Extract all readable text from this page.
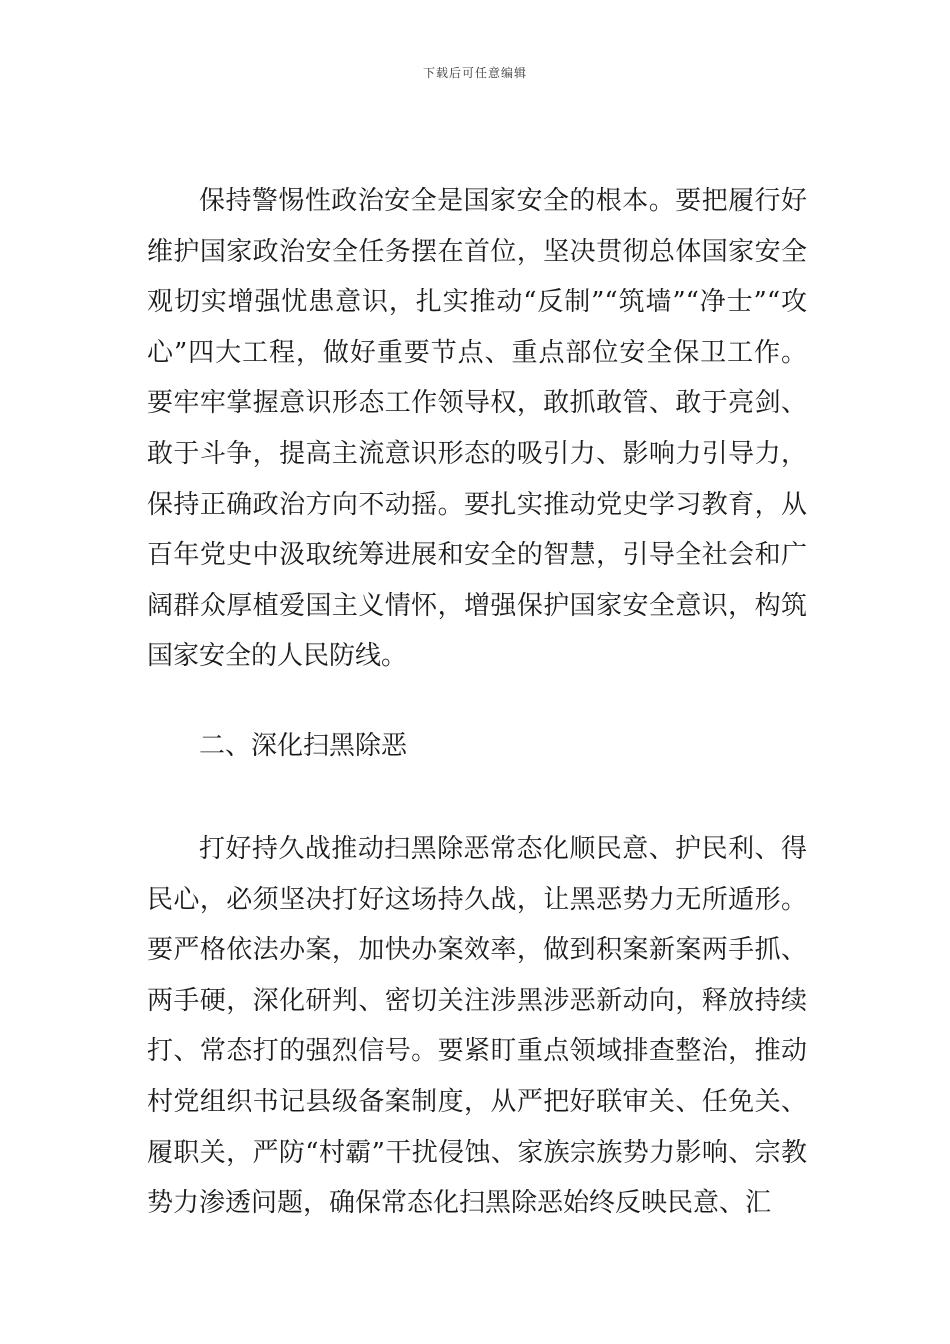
下载后可任意编辑

保持警惕性政治安全是国家安全的根本。要把履行好维护国家政治安全任务摆在首位，坚决贯彻总体国家安全观切实增强忧患意识，扎实推动“反制”“筑墙”“净士”“攻心”四大工程，做好重要节点、重点部位安全保卫工作。要牢牢掌握意识形态工作领导权，敢抓敢管、敢于亮剑、敢于斗争，提高主流意识形态的吸引力、影响力引导力，保持正确政治方向不动摇。要扎实推动党史学习教育，从百年党史中汲取统筹进展和安全的智慧，引导全社会和广阔群众厚植爱国主义情怀，增强保护国家安全意识，构筑国家安全的人民防线。

二、深化扫黑除恶

打好持久战推动扫黑除恶常态化顺民意、护民利、得民心，必须坚决打好这场持久战，让黑恶势力无所遁形。要严格依法办案，加快办案效率，做到积案新案两手抓、两手硬，深化研判、密切关注涉黑涉恶新动向，释放持续打、常态打的强烈信号。要紧盯重点领域排查整治，推动村党组织书记县级备案制度，从严把好联审关、任免关、履职关，严防“村霸”干扰侵蚀、家族宗族势力影响、宗教势力渗透问题，确保常态化扫黑除恶始终反映民意、汇
